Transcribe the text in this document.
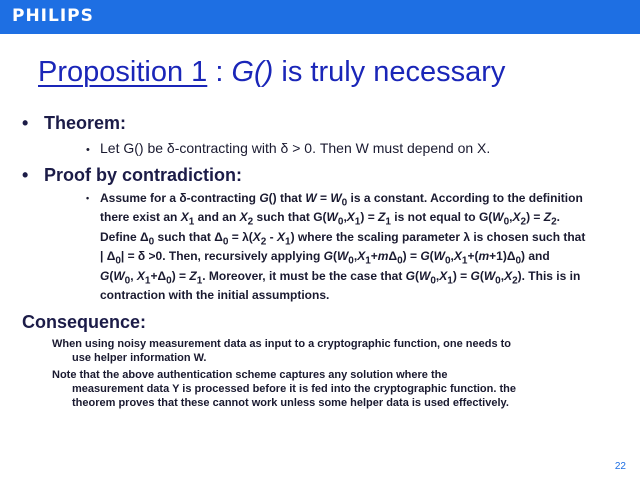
PHILIPS
Proposition 1 : G() is truly necessary
• Theorem:
• Let G() be δ-contracting with δ > 0. Then W must depend on X.
• Proof by contradiction:
• Assume for a δ-contracting G() that $W = W_0$ is a constant. According to the definition there exist an $X_1$ and an $X_2$ such that $G(W_0,X_1) = Z_1$ is not equal to $G(W_0,X_2) = Z_2$. Define $\Delta_0$ such that $\Delta_0 = \lambda(X_2 - X_1)$ where the scaling parameter λ is chosen such that | $\Delta_0| = \delta >0$. Then, recursively applying $G(W_0,X_1+m\Delta_0) = G(W_0,X_1+(m+1)\Delta_0)$ and $G(W_0$, $X_1+\Delta_0) = Z_1$. Moreover, it must be the case that $G(W_0,X_1) = G(W_0,X_2)$. This is in contraction with the initial assumptions.
Consequence:
When using noisy measurement data as input to a cryptographic function, one needs to
use helper information W.
Note that the above authentication scheme captures any solution where the
measurement data Y is processed before it is fed into the cryptographic function. the
theorem proves that these cannot work unless some helper data is used effectively.
22
